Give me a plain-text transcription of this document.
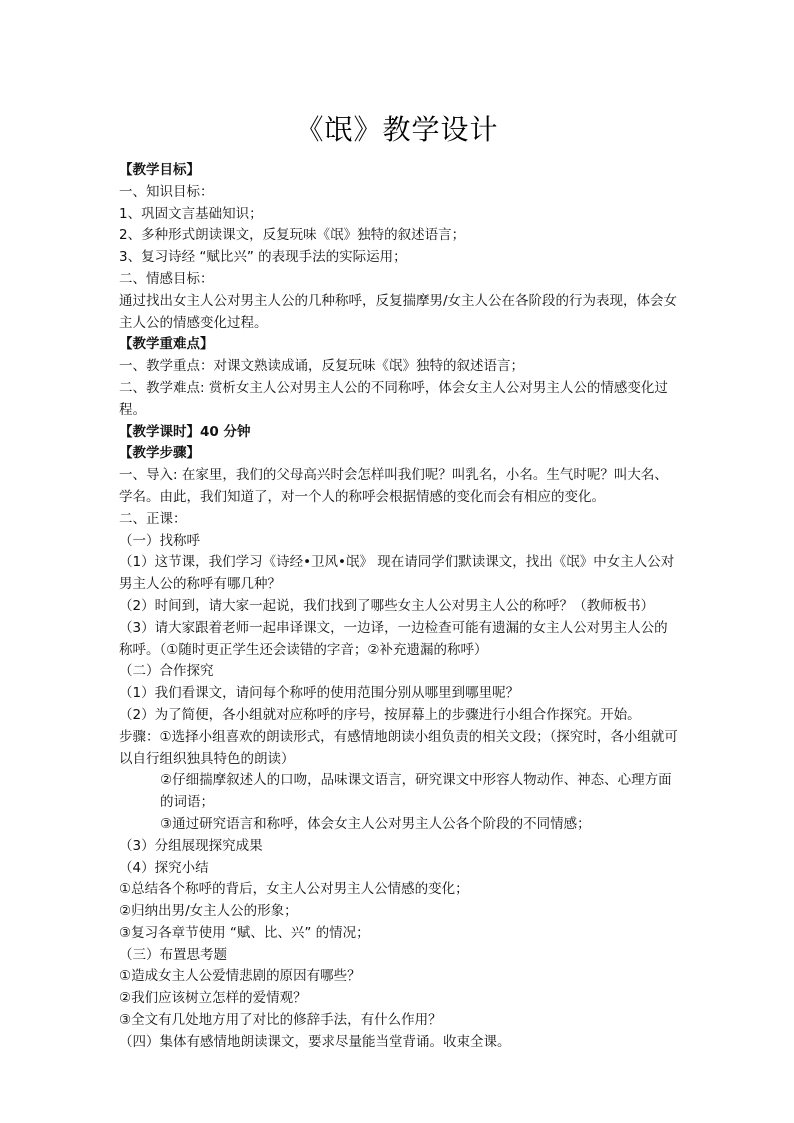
《氓》教学设计
【教学目标】
一、知识目标：
1、巩固文言基础知识；
2、多种形式朗读课文，反复玩味《氓》独特的叙述语言；
3、复习诗经 “赋比兴” 的表现手法的实际运用；
二、情感目标：
通过找出女主人公对男主人公的几种称呼，反复揣摩男/女主人公在各阶段的行为表现，体会女主人公的情感变化过程。
【教学重难点】
一、教学重点：对课文熟读成诵，反复玩味《氓》独特的叙述语言；
二、教学难点: 赏析女主人公对男主人公的不同称呼，体会女主人公对男主人公的情感变化过程。
【教学课时】40 分钟
【教学步骤】
一、导入: 在家里，我们的父母高兴时会怎样叫我们呢？叫乳名，小名。生气时呢？叫大名、学名。由此，我们知道了，对一个人的称呼会根据情感的变化而会有相应的变化。
二、正课：
（一）找称呼
（1）这节课，我们学习《诗经•卫风•氓》 现在请同学们默读课文，找出《氓》中女主人公对男主人公的称呼有哪几种？
（2）时间到，请大家一起说，我们找到了哪些女主人公对男主人公的称呼？（教师板书）
（3）请大家跟着老师一起串译课文，一边译，一边检查可能有遗漏的女主人公对男主人公的称呼。（①随时更正学生还会读错的字音；②补充遗漏的称呼）
（二）合作探究
（1）我们看课文，请问每个称呼的使用范围分别从哪里到哪里呢？
（2）为了简便，各小组就对应称呼的序号，按屏幕上的步骤进行小组合作探究。开始。
步骤：①选择小组喜欢的朗读形式，有感情地朗读小组负责的相关文段；（探究时，各小组就可以自行组织独具特色的朗读）
②仔细揣摩叙述人的口吻，品味课文语言，研究课文中形容人物动作、神态、心理方面的词语；
③通过研究语言和称呼，体会女主人公对男主人公各个阶段的不同情感；
（3）分组展现探究成果
（4）探究小结
①总结各个称呼的背后，女主人公对男主人公情感的变化；
②归纳出男/女主人公的形象；
③复习各章节使用 “赋、比、兴” 的情况；
（三）布置思考题
①造成女主人公爱情悲剧的原因有哪些？
②我们应该树立怎样的爱情观？
③全文有几处地方用了对比的修辞手法，有什么作用？
（四）集体有感情地朗读课文，要求尽量能当堂背诵。收束全课。
